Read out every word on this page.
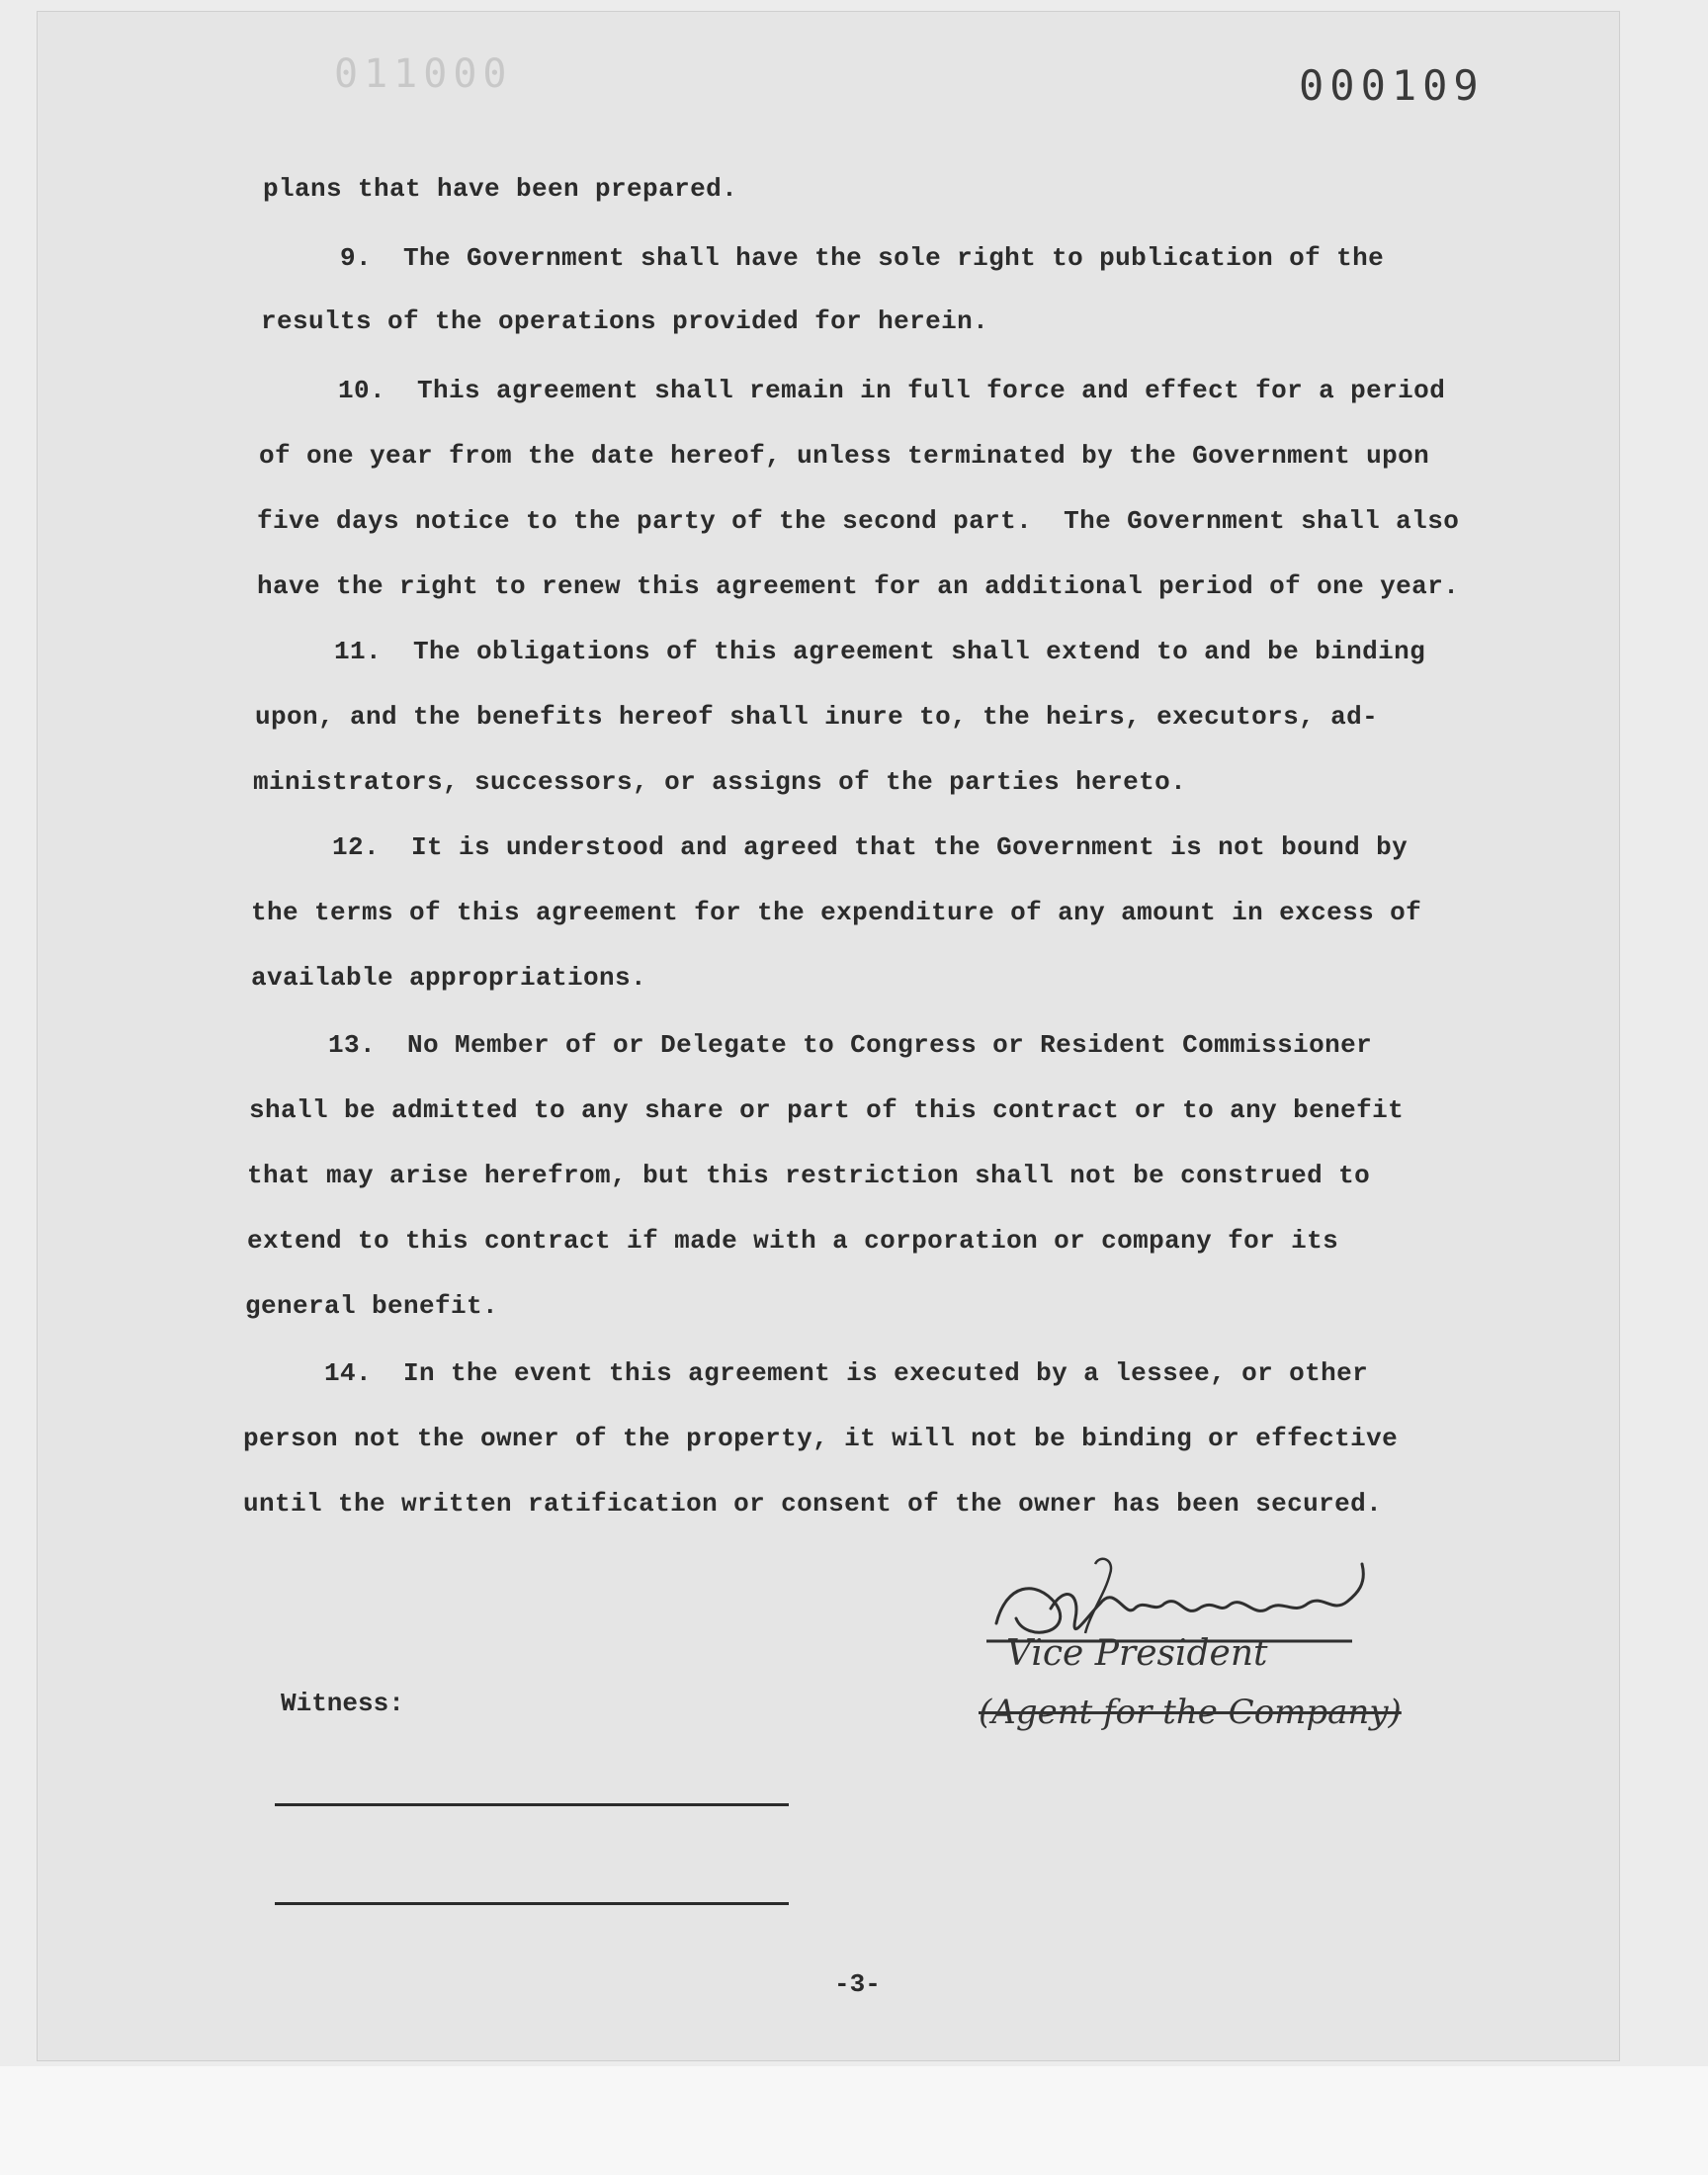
011000	000109
plans that have been prepared.
9.  The Government shall have the sole right to publication of the
results of the operations provided for herein.
10.  This agreement shall remain in full force and effect for a period
of one year from the date hereof, unless terminated by the Government upon
five days notice to the party of the second part.  The Government shall also
have the right to renew this agreement for an additional period of one year.
11.  The obligations of this agreement shall extend to and be binding
upon, and the benefits hereof shall inure to, the heirs, executors, ad-
ministrators, successors, or assigns of the parties hereto.
12.  It is understood and agreed that the Government is not bound by
the terms of this agreement for the expenditure of any amount in excess of
available appropriations.
13.  No Member of or Delegate to Congress or Resident Commissioner
shall be admitted to any share or part of this contract or to any benefit
that may arise herefrom, but this restriction shall not be construed to
extend to this contract if made with a corporation or company for its
general benefit.
14.  In the event this agreement is executed by a lessee, or other
person not the owner of the property, it will not be binding or effective
until the written ratification or consent of the owner has been secured.
Vice President
(Agent for the Company)
Witness:
-3-
